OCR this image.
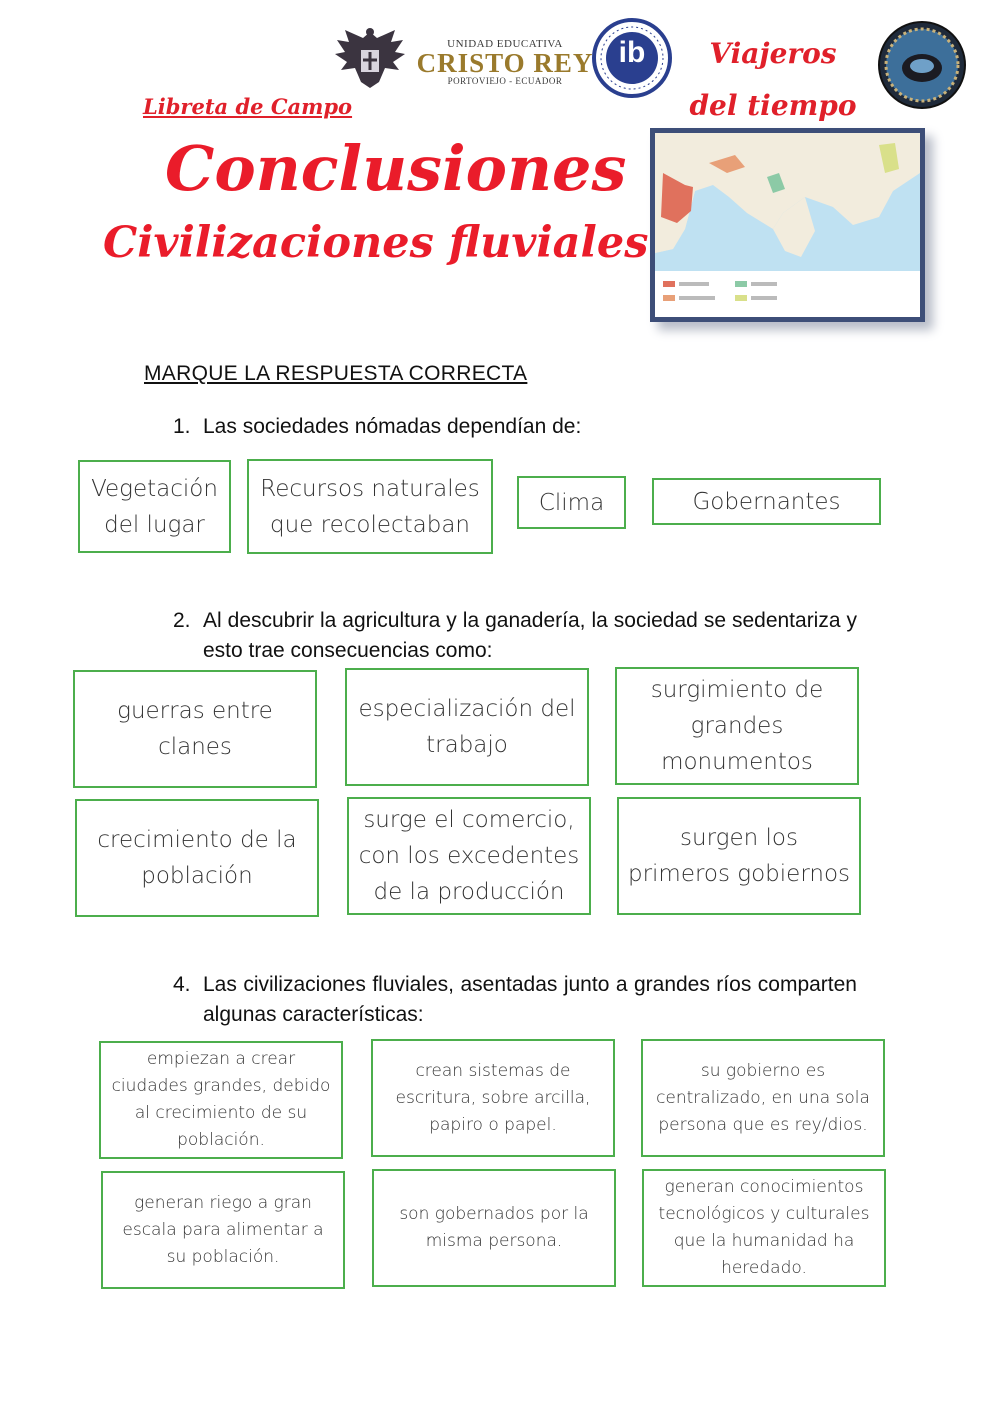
UNIDAD EDUCATIVA
CRISTO REY
PORTOVIEJO - ECUADOR
ib	Viajeros
del tiempo
Libreta de Campo
Conclusiones
Civilizaciones fluviales
MARQUE LA RESPUESTA CORRECTA
1. Las sociedades nómadas dependían de:
Vegetación del lugar
Recursos naturales que recolectaban
Clima	Gobernantes
2. Al descubrir la agricultura y la ganadería, la sociedad se sedentariza y esto trae consecuencias como:
guerras entre clanes
especialización del trabajo
surgimiento de grandes monumentos
crecimiento de la población
surge el comercio, con los excedentes de la producción
surgen los primeros gobiernos
4. Las civilizaciones fluviales, asentadas junto a grandes ríos comparten algunas características:
empiezan a crear ciudades grandes, debido al crecimiento de su población.
crean sistemas de escritura, sobre arcilla, papiro o papel.
su gobierno es centralizado, en una sola persona que es rey/dios.
generan riego a gran escala para alimentar a su población.
son gobernados por la misma persona.
generan conocimientos tecnológicos y culturales que la humanidad ha heredado.
